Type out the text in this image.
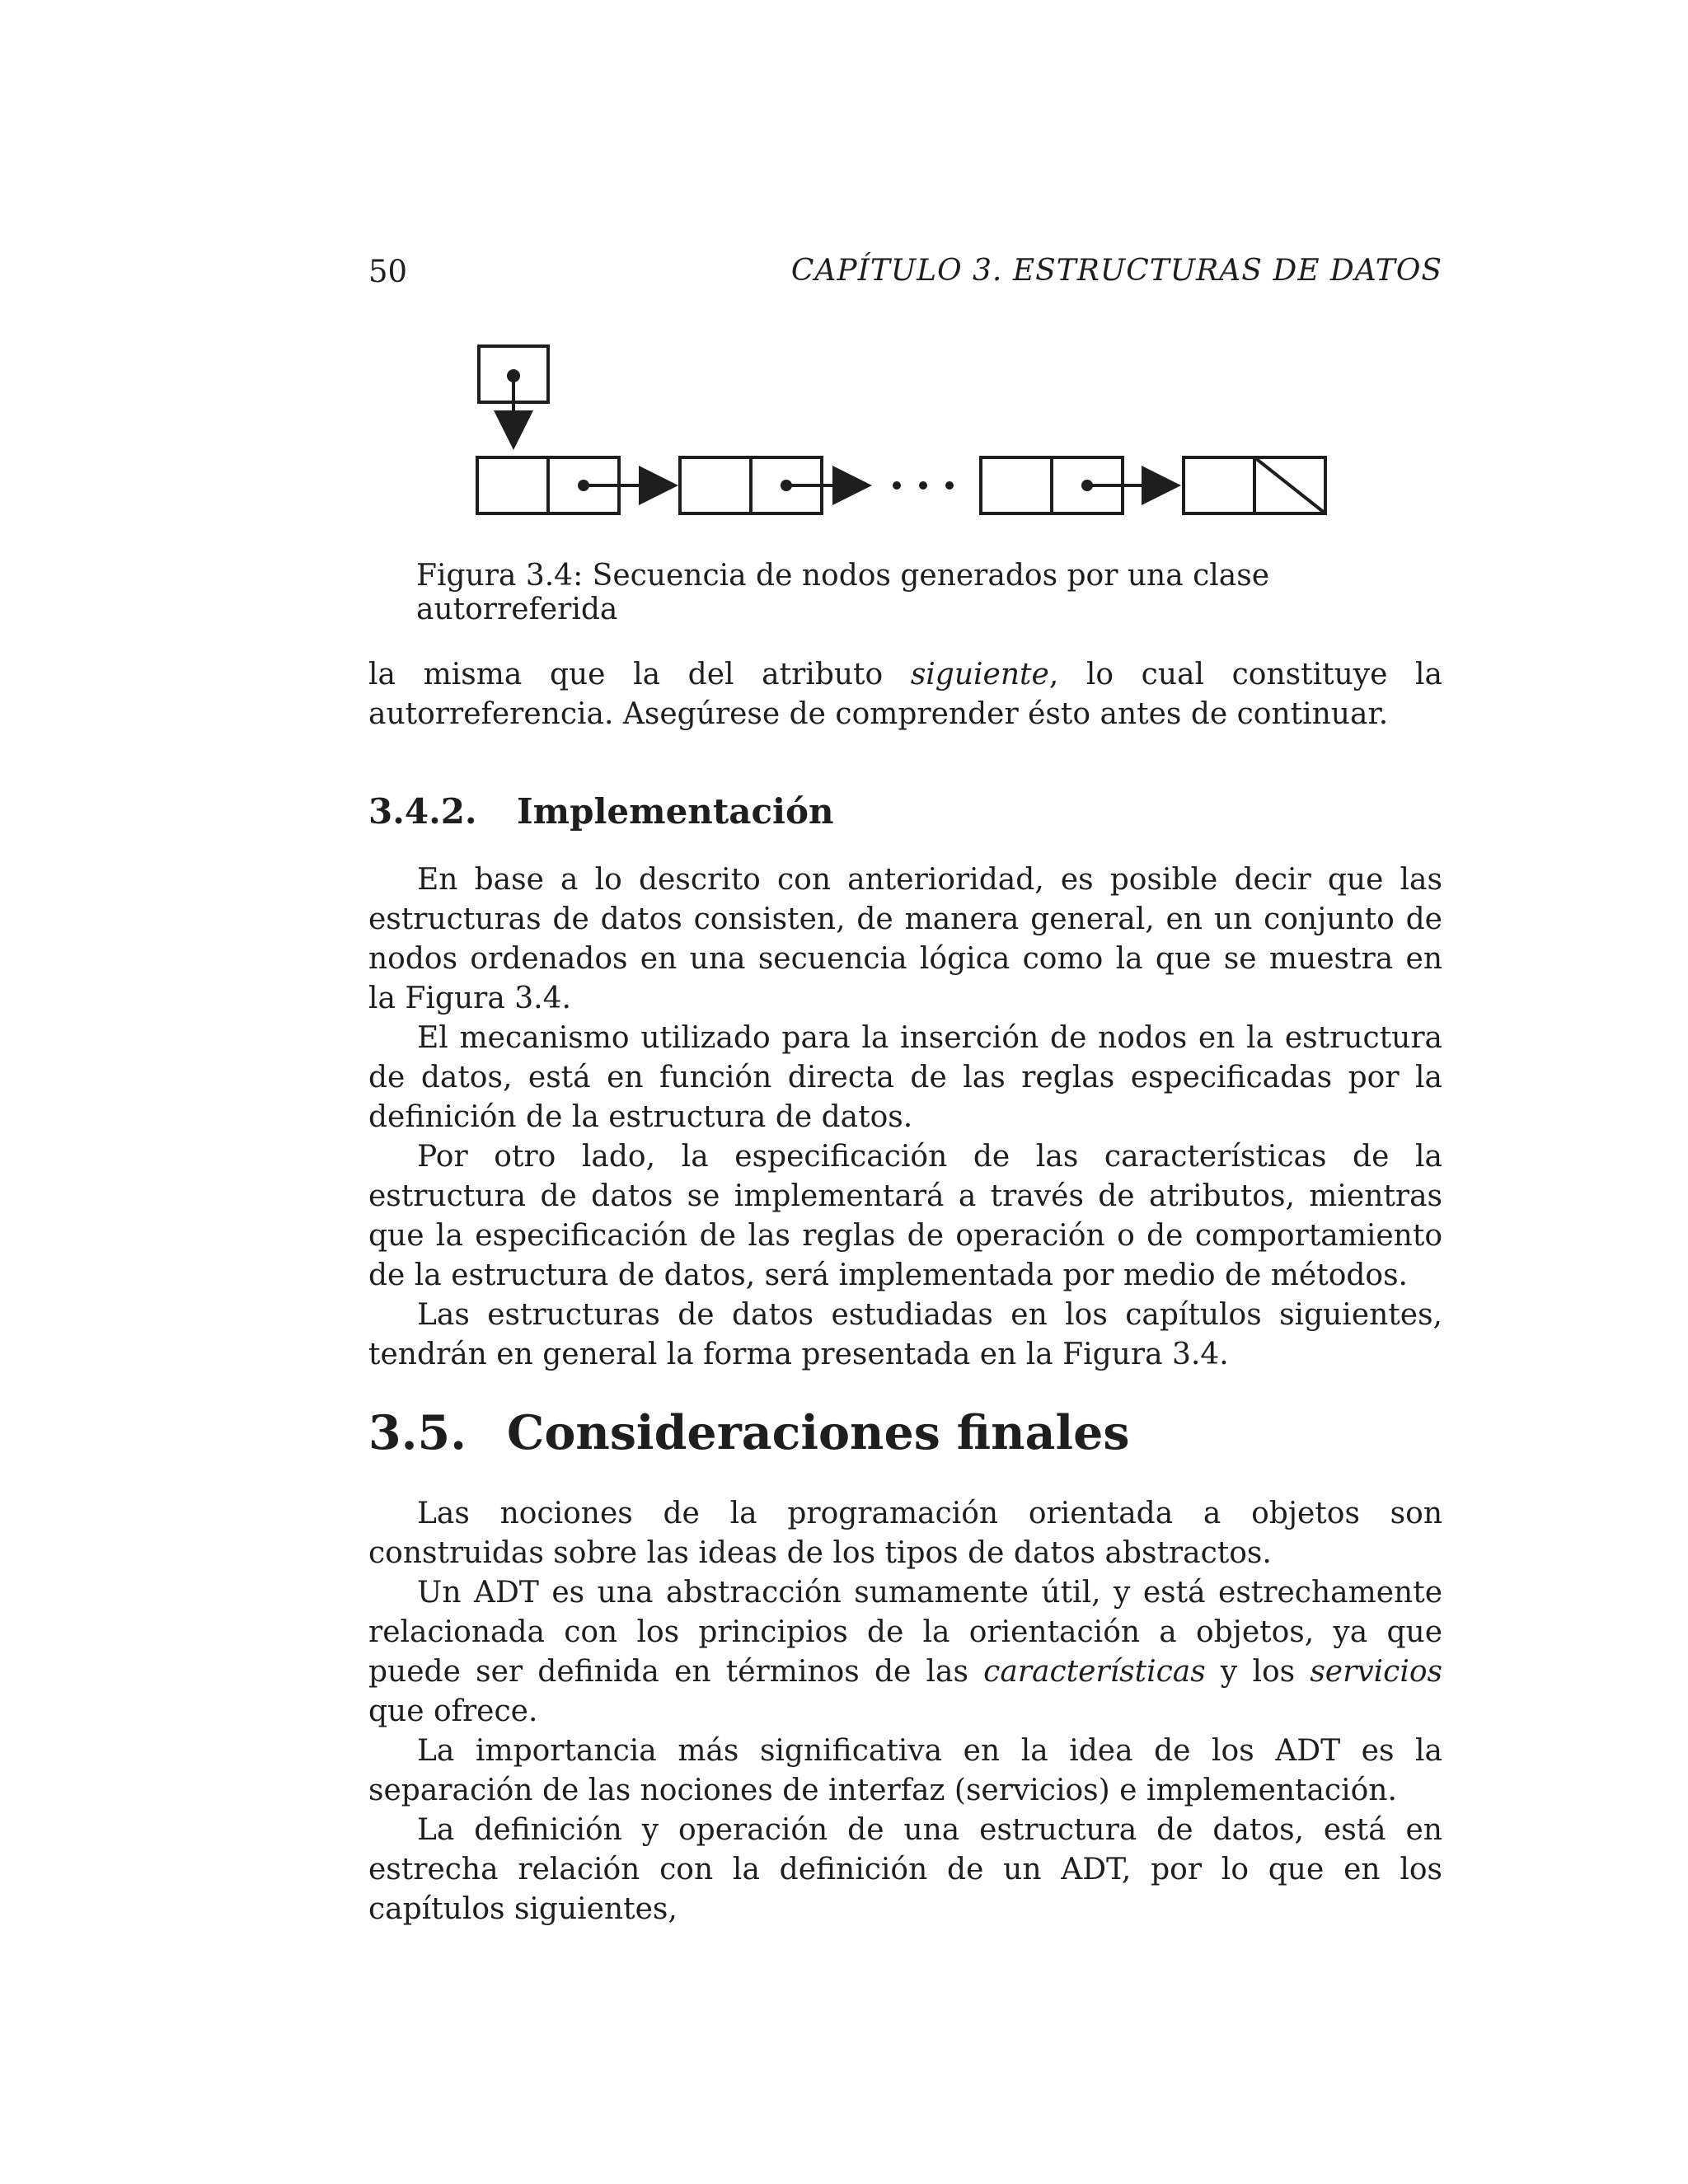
50	CAPÍTULO 3. ESTRUCTURAS DE DATOS
Figura 3.4: Secuencia de nodos generados por una clase autorreferida

la misma que la del atributo siguiente, lo cual constituye la autorreferencia. Asegúrese de comprender ésto antes de continuar.

3.4.2. Implementación

En base a lo descrito con anterioridad, es posible decir que las estructuras de datos consisten, de manera general, en un conjunto de nodos ordenados en una secuencia lógica como la que se muestra en la Figura 3.4.

El mecanismo utilizado para la inserción de nodos en la estructura de datos, está en función directa de las reglas especificadas por la definición de la estructura de datos.

Por otro lado, la especificación de las características de la estructura de datos se implementará a través de atributos, mientras que la especificación de las reglas de operación o de comportamiento de la estructura de datos, será implementada por medio de métodos.

Las estructuras de datos estudiadas en los capítulos siguientes, tendrán en general la forma presentada en la Figura 3.4.

3.5. Consideraciones finales

Las nociones de la programación orientada a objetos son construidas sobre las ideas de los tipos de datos abstractos.

Un ADT es una abstracción sumamente útil, y está estrechamente relacionada con los principios de la orientación a objetos, ya que puede ser definida en términos de las características y los servicios que ofrece.

La importancia más significativa en la idea de los ADT es la separación de las nociones de interfaz (servicios) e implementación.

La definición y operación de una estructura de datos, está en estrecha relación con la definición de un ADT, por lo que en los capítulos siguientes,
